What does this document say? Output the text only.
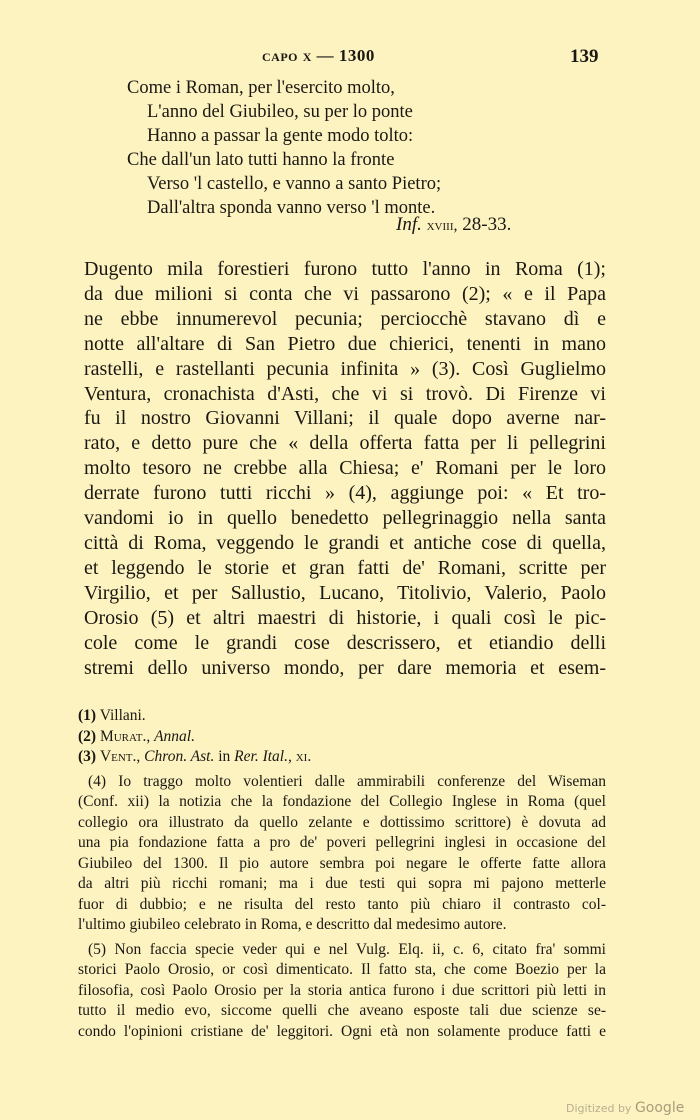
capo x — 1300	139
Come i Roman, per l'esercito molto,
L'anno del Giubileo, su per lo ponte
Hanno a passar la gente modo tolto:
Che dall'un lato tutti hanno la fronte
Verso 'l castello, e vanno a santo Pietro;
Dall'altra sponda vanno verso 'l monte.
Inf. xviii, 28-33.
Dugento mila forestieri furono tutto l'anno in Roma (1);
da due milioni si conta che vi passarono (2); « e il Papa
ne ebbe innumerevol pecunia; perciocchè stavano dì e
notte all'altare di San Pietro due chierici, tenenti in mano
rastelli, e rastellanti pecunia infinita » (3). Così Guglielmo
Ventura, cronachista d'Asti, che vi si trovò. Di Firenze vi
fu il nostro Giovanni Villani; il quale dopo averne nar-
rato, e detto pure che « della offerta fatta per li pellegrini
molto tesoro ne crebbe alla Chiesa; e' Romani per le loro
derrate furono tutti ricchi » (4), aggiunge poi: « Et tro-
vandomi io in quello benedetto pellegrinaggio nella santa
città di Roma, veggendo le grandi et antiche cose di quella,
et leggendo le storie et gran fatti de' Romani, scritte per
Virgilio, et per Sallustio, Lucano, Titolivio, Valerio, Paolo
Orosio (5) et altri maestri di historie, i quali così le pic-
cole come le grandi cose descrissero, et etiandio delli
stremi dello universo mondo, per dare memoria et esem-
(1) Villani.
(2) Murat., Annal.
(3) Vent., Chron. Ast. in Rer. Ital., xi.
(4) Io traggo molto volentieri dalle ammirabili conferenze del Wiseman
(Conf. xii) la notizia che la fondazione del Collegio Inglese in Roma (quel
collegio ora illustrato da quello zelante e dottissimo scrittore) è dovuta ad
una pia fondazione fatta a pro de' poveri pellegrini inglesi in occasione del
Giubileo del 1300. Il pio autore sembra poi negare le offerte fatte allora
da altri più ricchi romani; ma i due testi qui sopra mi pajono metterle
fuor di dubbio; e ne risulta del resto tanto più chiaro il contrasto col-
l'ultimo giubileo celebrato in Roma, e descritto dal medesimo autore.
(5) Non faccia specie veder qui e nel Vulg. Elq. ii, c. 6, citato fra' sommi
storici Paolo Orosio, or così dimenticato. Il fatto sta, che come Boezio per la
filosofia, così Paolo Orosio per la storia antica furono i due scrittori più letti in
tutto il medio evo, siccome quelli che aveano esposte tali due scienze se-
condo l'opinioni cristiane de' leggitori. Ogni età non solamente produce fatti e
Digitized by Google
